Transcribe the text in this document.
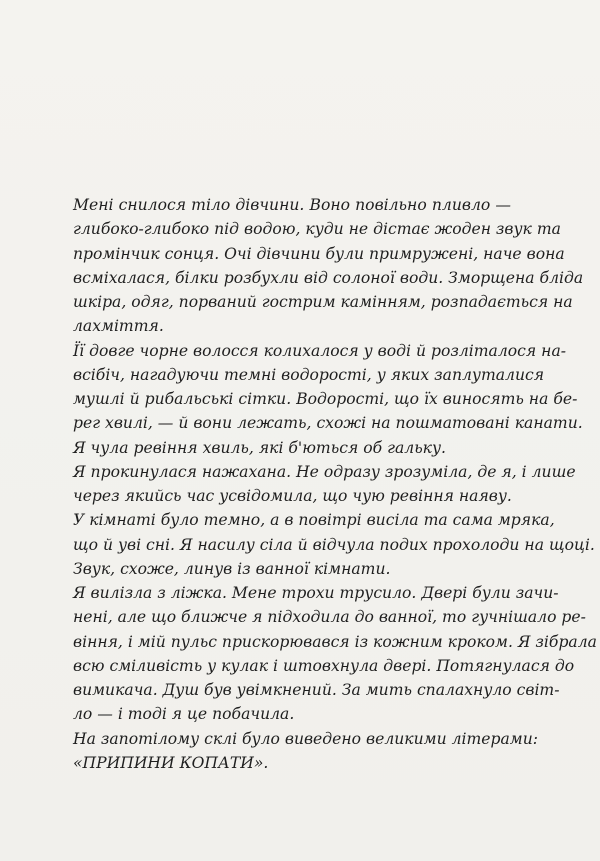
Мені снилося тіло дівчини. Воно повільно пливло —
глибоко-глибоко під водою, куди не дістає жоден звук та
промінчик сонця. Очі дівчини були примружені, наче вона
всміхалася, білки розбухли від солоної води. Зморщена бліда
шкіра, одяг, порваний гострим камінням, розпадається на
лахміття.
Її довге чорне волосся колихалося у воді й розліталося на-
всібіч, нагадуючи темні водорості, у яких заплуталися
мушлі й рибальські сітки. Водорості, що їх виносять на бе-
рег хвилі, — й вони лежать, схожі на пошматовані канати.
Я чула ревіння хвиль, які б'ються об гальку.
Я прокинулася нажахана. Не одразу зрозуміла, де я, і лише
через якийсь час усвідомила, що чую ревіння наяву.
У кімнаті було темно, а в повітрі висіла та сама мряка,
що й уві сні. Я насилу сіла й відчула подих прохолоди на щоці.
Звук, схоже, линув із ванної кімнати.
Я вилізла з ліжка. Мене трохи трусило. Двері були зачи-
нені, але що ближче я підходила до ванної, то гучнішало ре-
віння, і мій пульс прискорювався із кожним кроком. Я зібрала
всю сміливість у кулак і штовхнула двері. Потягнулася до
вимикача. Душ був увімкнений. За мить спалахнуло світ-
ло — і тоді я це побачила.
На запотілому склі було виведено великими літерами:
«ПРИПИНИ КОПАТИ».
